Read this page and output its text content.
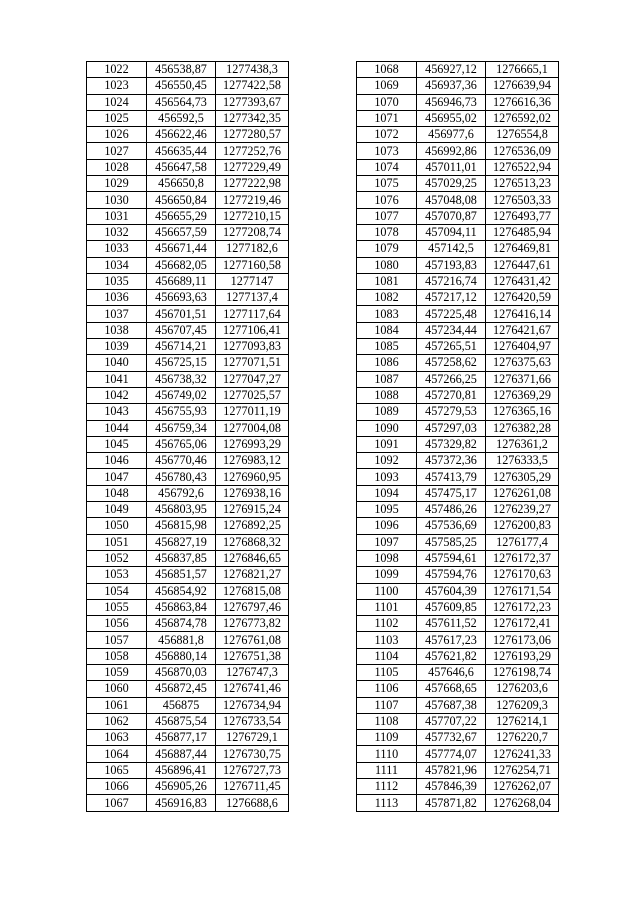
1022	456538,87	1277438,3
1023	456550,45	1277422,58
1024	456564,73	1277393,67
1025	456592,5	1277342,35
1026	456622,46	1277280,57
1027	456635,44	1277252,76
1028	456647,58	1277229,49
1029	456650,8	1277222,98
1030	456650,84	1277219,46
1031	456655,29	1277210,15
1032	456657,59	1277208,74
1033	456671,44	1277182,6
1034	456682,05	1277160,58
1035	456689,11	1277147
1036	456693,63	1277137,4
1037	456701,51	1277117,64
1038	456707,45	1277106,41
1039	456714,21	1277093,83
1040	456725,15	1277071,51
1041	456738,32	1277047,27
1042	456749,02	1277025,57
1043	456755,93	1277011,19
1044	456759,34	1277004,08
1045	456765,06	1276993,29
1046	456770,46	1276983,12
1047	456780,43	1276960,95
1048	456792,6	1276938,16
1049	456803,95	1276915,24
1050	456815,98	1276892,25
1051	456827,19	1276868,32
1052	456837,85	1276846,65
1053	456851,57	1276821,27
1054	456854,92	1276815,08
1055	456863,84	1276797,46
1056	456874,78	1276773,82
1057	456881,8	1276761,08
1058	456880,14	1276751,38
1059	456870,03	1276747,3
1060	456872,45	1276741,46
1061	456875	1276734,94
1062	456875,54	1276733,54
1063	456877,17	1276729,1
1064	456887,44	1276730,75
1065	456896,41	1276727,73
1066	456905,26	1276711,45
1067	456916,83	1276688,6
1068	456927,12	1276665,1
1069	456937,36	1276639,94
1070	456946,73	1276616,36
1071	456955,02	1276592,02
1072	456977,6	1276554,8
1073	456992,86	1276536,09
1074	457011,01	1276522,94
1075	457029,25	1276513,23
1076	457048,08	1276503,33
1077	457070,87	1276493,77
1078	457094,11	1276485,94
1079	457142,5	1276469,81
1080	457193,83	1276447,61
1081	457216,74	1276431,42
1082	457217,12	1276420,59
1083	457225,48	1276416,14
1084	457234,44	1276421,67
1085	457265,51	1276404,97
1086	457258,62	1276375,63
1087	457266,25	1276371,66
1088	457270,81	1276369,29
1089	457279,53	1276365,16
1090	457297,03	1276382,28
1091	457329,82	1276361,2
1092	457372,36	1276333,5
1093	457413,79	1276305,29
1094	457475,17	1276261,08
1095	457486,26	1276239,27
1096	457536,69	1276200,83
1097	457585,25	1276177,4
1098	457594,61	1276172,37
1099	457594,76	1276170,63
1100	457604,39	1276171,54
1101	457609,85	1276172,23
1102	457611,52	1276172,41
1103	457617,23	1276173,06
1104	457621,82	1276193,29
1105	457646,6	1276198,74
1106	457668,65	1276203,6
1107	457687,38	1276209,3
1108	457707,22	1276214,1
1109	457732,67	1276220,7
1110	457774,07	1276241,33
1111	457821,96	1276254,71
1112	457846,39	1276262,07
1113	457871,82	1276268,04
